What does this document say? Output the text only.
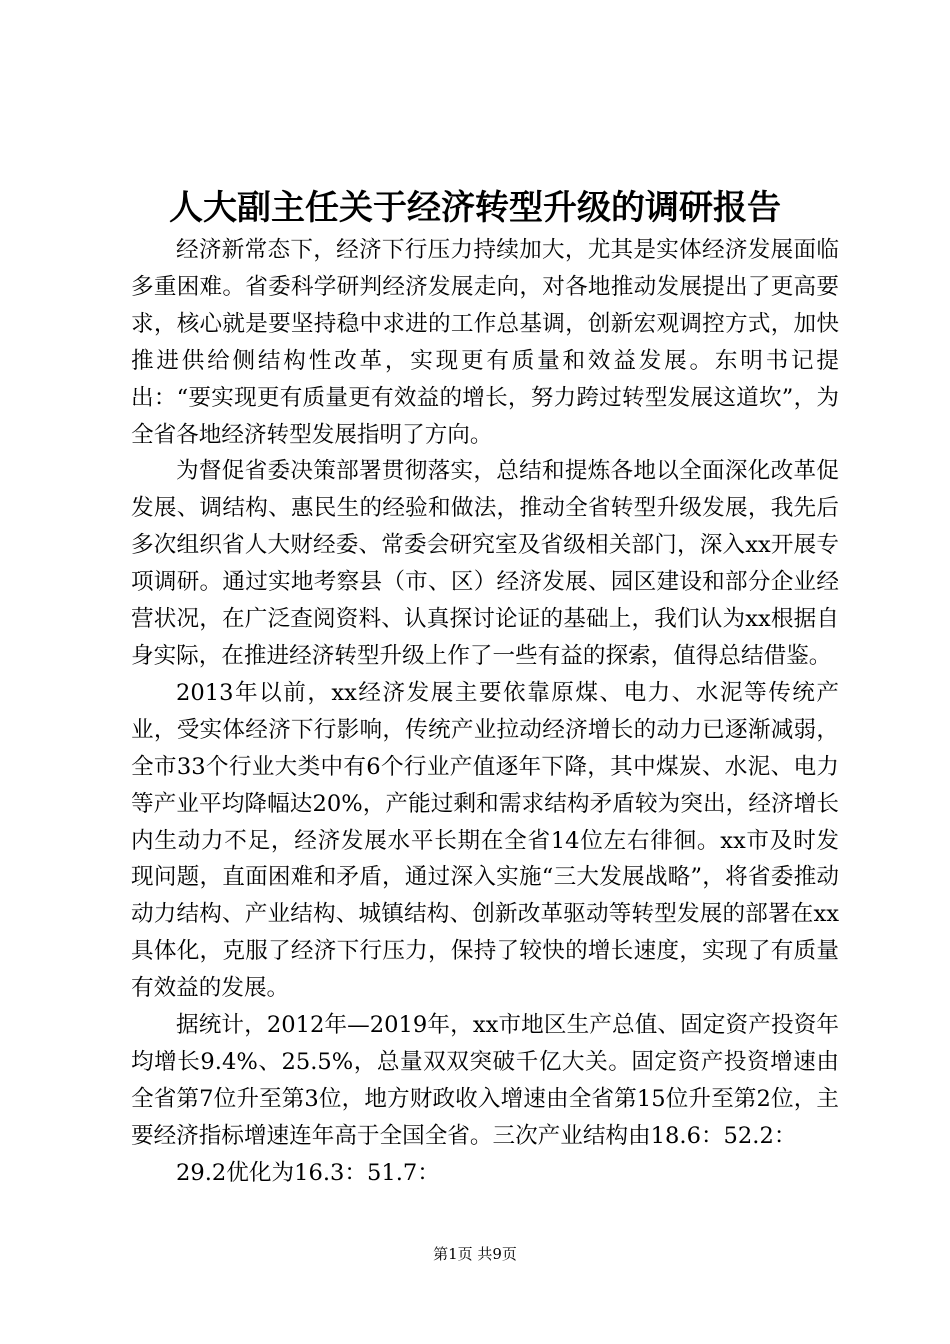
人大副主任关于经济转型升级的调研报告

经济新常态下，经济下行压力持续加大，尤其是实体经济发展面临多重困难。省委科学研判经济发展走向，对各地推动发展提出了更高要求，核心就是要坚持稳中求进的工作总基调，创新宏观调控方式，加快推进供给侧结构性改革，实现更有质量和效益发展。东明书记提出：“要实现更有质量更有效益的增长，努力跨过转型发展这道坎”，为全省各地经济转型发展指明了方向。

为督促省委决策部署贯彻落实，总结和提炼各地以全面深化改革促发展、调结构、惠民生的经验和做法，推动全省转型升级发展，我先后多次组织省人大财经委、常委会研究室及省级相关部门，深入xx开展专项调研。通过实地考察县（市、区）经济发展、园区建设和部分企业经营状况，在广泛查阅资料、认真探讨论证的基础上，我们认为xx根据自身实际，在推进经济转型升级上作了一些有益的探索，值得总结借鉴。

2013年以前，xx经济发展主要依靠原煤、电力、水泥等传统产业，受实体经济下行影响，传统产业拉动经济增长的动力已逐渐减弱，全市33个行业大类中有6个行业产值逐年下降，其中煤炭、水泥、电力等产业平均降幅达20%，产能过剩和需求结构矛盾较为突出，经济增长内生动力不足，经济发展水平长期在全省14位左右徘徊。xx市及时发现问题，直面困难和矛盾，通过深入实施“三大发展战略”，将省委推动动力结构、产业结构、城镇结构、创新改革驱动等转型发展的部署在xx具体化，克服了经济下行压力，保持了较快的增长速度，实现了有质量有效益的发展。

据统计，2012年—2019年，xx市地区生产总值、固定资产投资年均增长9.4%、25.5%，总量双双突破千亿大关。固定资产投资增速由全省第7位升至第3位，地方财政收入增速由全省第15位升至第2位，主要经济指标增速连年高于全国全省。三次产业结构由18.6：52.2：

29.2优化为16.3：51.7：

第1页 共9页
